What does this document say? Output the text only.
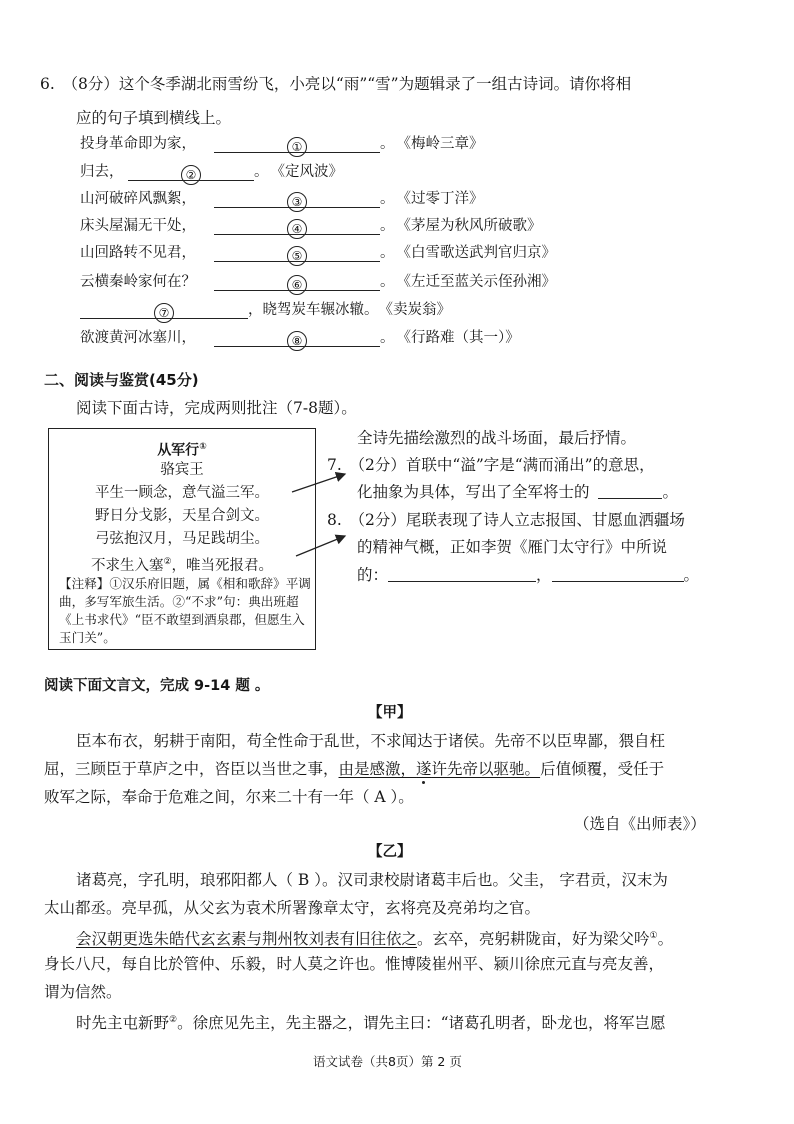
6.　（8分）这个冬季湖北雨雪纷飞，小亮以“雨”“雪”为题辑录了一组古诗词。请你将相
应的句子填到横线上。
投身革命即为家，	①	。 《梅岭三章》
归去，	②	。 《定风波》
山河破碎风飘絮，	③	。 《过零丁洋》
床头屋漏无干处，	④	。 《茅屋为秋风所破歌》
山回路转不见君，	⑤	。 《白雪歌送武判官归京》
云横秦岭家何在？	⑥	。 《左迁至蓝关示侄孙湘》
⑦	，晓驾炭车辗冰辙。《卖炭翁》
欲渡黄河冰塞川，	⑧	。 《行路难（其一）》
二、阅读与鉴赏(45分)
阅读下面古诗，完成两则批注（7-8题）。
从军行①
骆宾王
平生一顾念，意气溢三军。
野日分戈影，天星合剑文。
弓弦抱汉月，马足践胡尘。
不求生入塞②，唯当死报君。
【注释】①汉乐府旧题，属《相和歌辞》平调曲，多写军旅生活。②“不求”句：典出班超《上书求代》“臣不敢望到酒泉郡，但愿生入玉门关”。
全诗先描绘激烈的战斗场面，最后抒情。
7.　（2分）首联中“溢”字是“满而涌出”的意思，
化抽象为具体，写出了全军将士的	。
8.　（2分）尾联表现了诗人立志报国、甘愿血洒疆场
的精神气概，正如李贺《雁门太守行》中所说
的：	，	。
阅读下面文言文，完成 9-14 题 。
【甲】
臣本布衣，躬耕于南阳，苟全性命于乱世，不求闻达于诸侯。先帝不以臣卑鄙，猥自枉
屈，三顾臣于草庐之中，咨臣以当世之事，由是感激，遂许先帝以驱驰。后值倾覆，受任于
败军之际，奉命于危难之间，尔来二十有一年（ A ）。
（选自《出师表》）
【乙】
诸葛亮，字孔明，琅邪阳都人（ B ）。汉司隶校尉诸葛丰后也。父圭， 字君贡，汉末为
太山都丞。亮早孤，从父玄为袁术所署豫章太守，玄将亮及亮弟均之官。
会汉朝更选朱皓代玄玄素与荆州牧刘表有旧往依之。玄卒，亮躬耕陇亩，好为梁父吟①。
身长八尺，每自比於管仲、乐毅，时人莫之许也。惟博陵崔州平、颍川徐庶元直与亮友善，
谓为信然。
时先主屯新野②。徐庶见先主，先主器之，谓先主曰：“诸葛孔明者，卧龙也，将军岂愿
语文试卷（共8页）第 2 页
